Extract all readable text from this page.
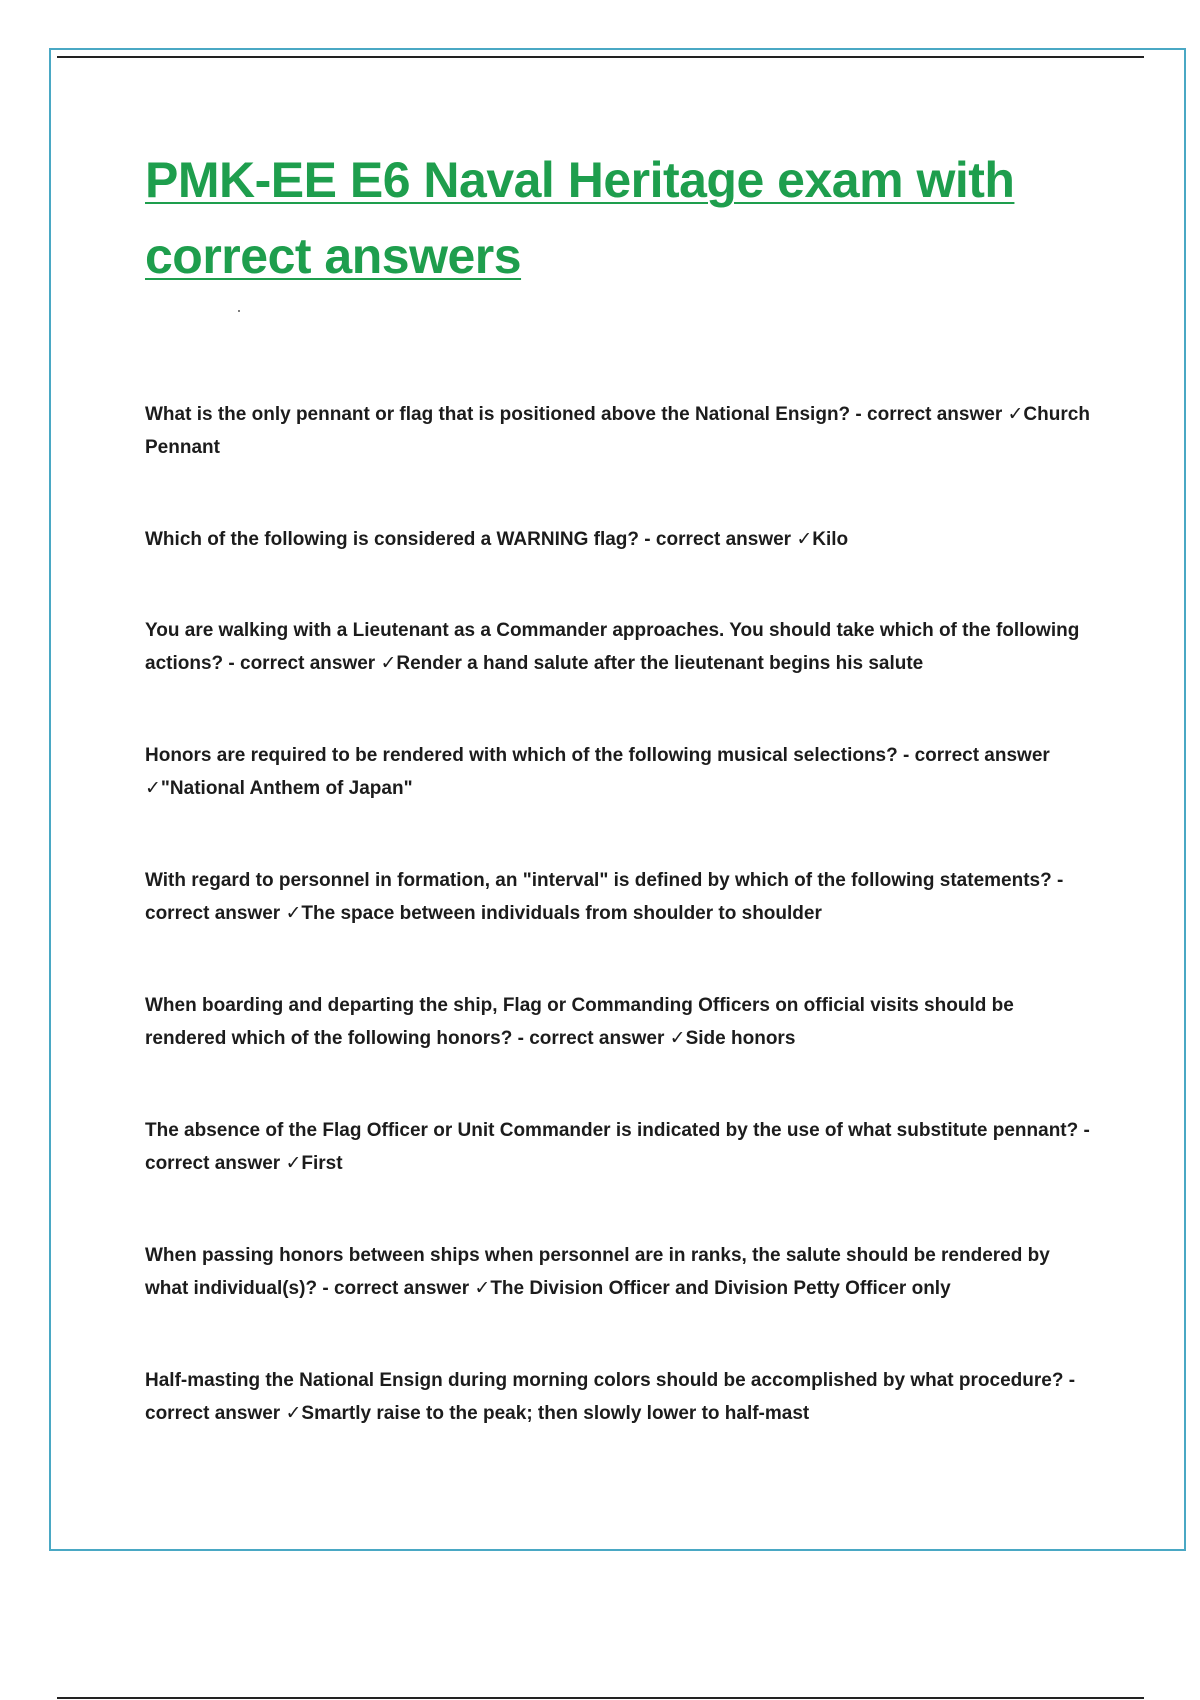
PMK-EE E6 Naval Heritage exam with correct answers
What is the only pennant or flag that is positioned above the National Ensign? - correct answer ✓Church Pennant
Which of the following is considered a WARNING flag? - correct answer ✓Kilo
You are walking with a Lieutenant as a Commander approaches. You should take which of the following actions? - correct answer ✓Render a hand salute after the lieutenant begins his salute
Honors are required to be rendered with which of the following musical selections? - correct answer ✓"National Anthem of Japan"
With regard to personnel in formation, an "interval" is defined by which of the following statements? - correct answer ✓The space between individuals from shoulder to shoulder
When boarding and departing the ship, Flag or Commanding Officers on official visits should be rendered which of the following honors? - correct answer ✓Side honors
The absence of the Flag Officer or Unit Commander is indicated by the use of what substitute pennant? - correct answer ✓First
When passing honors between ships when personnel are in ranks, the salute should be rendered by what individual(s)? - correct answer ✓The Division Officer and Division Petty Officer only
Half-masting the National Ensign during morning colors should be accomplished by what procedure? - correct answer ✓Smartly raise to the peak; then slowly lower to half-mast
